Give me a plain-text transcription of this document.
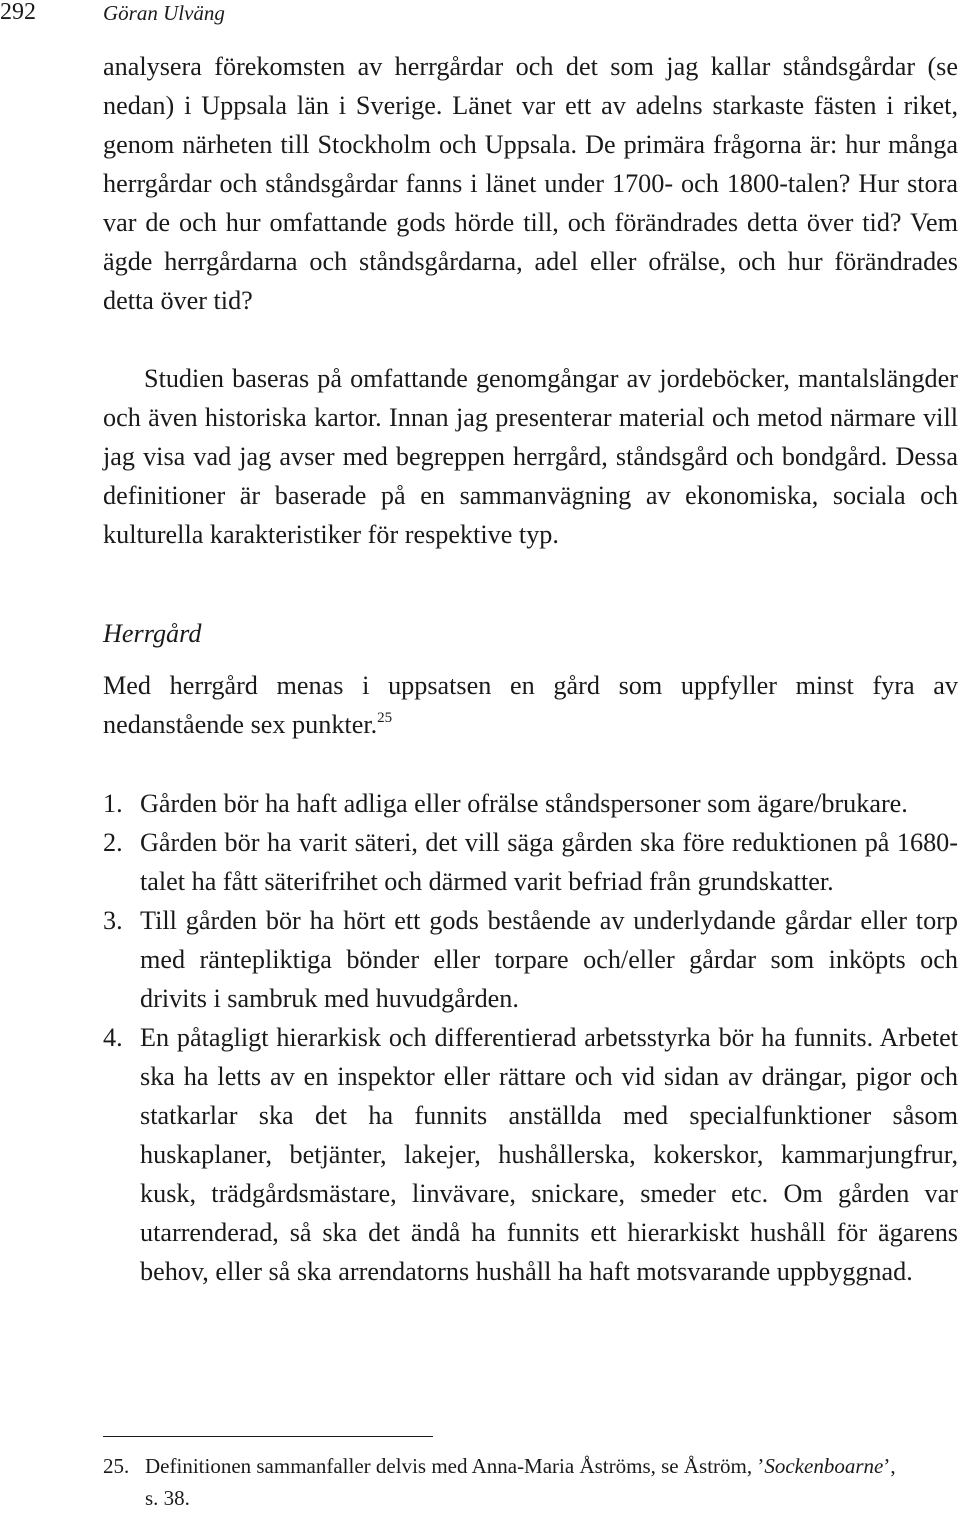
292	Göran Ulväng

analysera förekomsten av herrgårdar och det som jag kallar ståndsgårdar (se nedan) i Uppsala län i Sverige. Länet var ett av adelns starkaste fästen i riket, genom närheten till Stockholm och Uppsala. De primära frågorna är: hur många herrgårdar och ståndsgårdar fanns i länet under 1700- och 1800-talen? Hur stora var de och hur omfattande gods hörde till, och förändrades detta över tid? Vem ägde herrgårdarna och ståndsgårdarna, adel eller ofrälse, och hur förändrades detta över tid?

Studien baseras på omfattande genomgångar av jordeböcker, mantalslängder och även historiska kartor. Innan jag presenterar material och metod närmare vill jag visa vad jag avser med begreppen herrgård, ståndsgård och bondgård. Dessa definitioner är baserade på en sammanvägning av ekonomiska, sociala och kulturella karakteristiker för respektive typ.

Herrgård

Med herrgård menas i uppsatsen en gård som uppfyller minst fyra av nedanstående sex punkter.$^{25}$

1. Gården bör ha haft adliga eller ofrälse ståndspersoner som ägare/brukare.
2. Gården bör ha varit säteri, det vill säga gården ska före reduktionen på 1680-talet ha fått säterifrihet och därmed varit befriad från grundskatter.
3. Till gården bör ha hört ett gods bestående av underlydande gårdar eller torp med räntepliktiga bönder eller torpare och/eller gårdar som inköpts och drivits i sambruk med huvudgården.
4. En påtagligt hierarkisk och differentierad arbetsstyrka bör ha funnits. Arbetet ska ha letts av en inspektor eller rättare och vid sidan av drängar, pigor och statkarlar ska det ha funnits anställda med specialfunktioner såsom huskaplaner, betjänter, lakejer, hushållerska, kokerskor, kammarjungfrur, kusk, trädgårdsmästare, linvävare, snickare, smeder etc. Om gården var utarrenderad, så ska det ändå ha funnits ett hierarkiskt hushåll för ägarens behov, eller så ska arrendatorns hushåll ha haft motsvarande uppbyggnad.
25. Definitionen sammanfaller delvis med Anna-Maria Åströms, se Åström, ’Sockenboarne’, s. 38.
